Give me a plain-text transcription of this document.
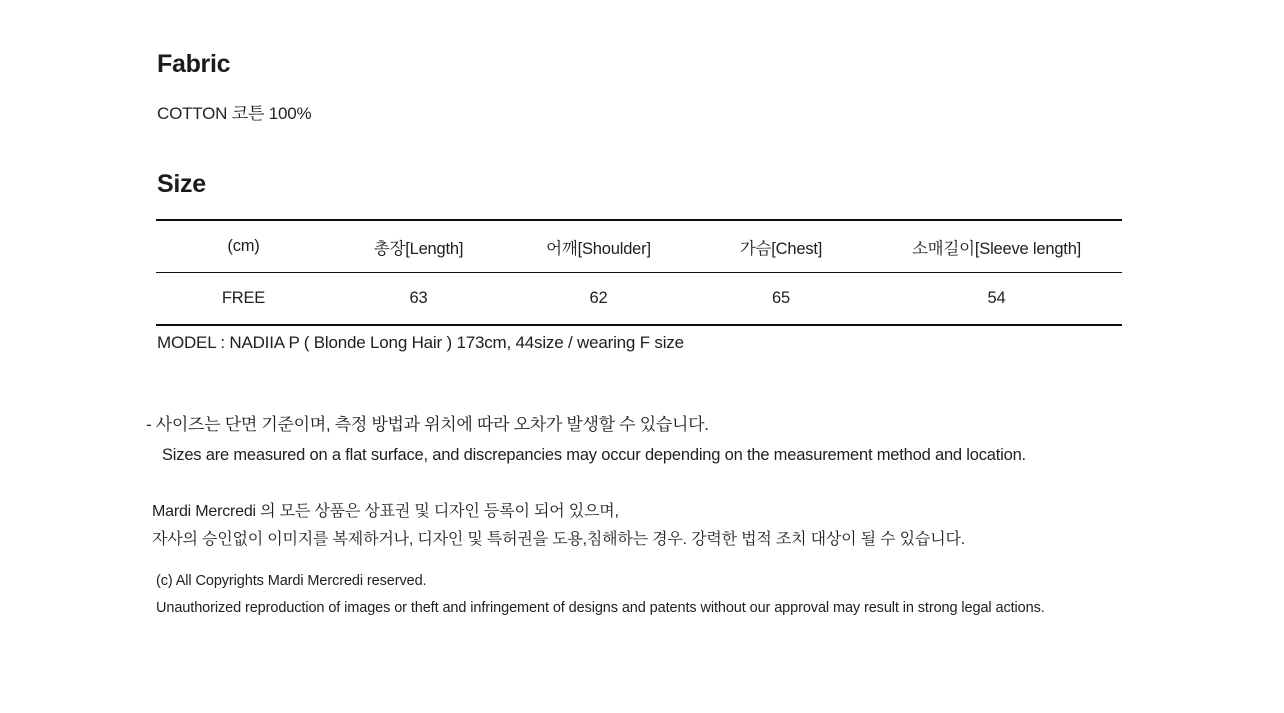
Fabric
COTTON 코튼 100%
Size
(cm)	총장[Length]	어깨[Shoulder]	가슴[Chest]	소매길이[Sleeve length]
FREE	63	62	65	54
MODEL : NADIIA P ( Blonde Long Hair ) 173cm, 44size / wearing F size
- 사이즈는 단면 기준이며, 측정 방법과 위치에 따라 오차가 발생할 수 있습니다.
Sizes are measured on a flat surface, and discrepancies may occur depending on the measurement method and location.
Mardi Mercredi 의 모든 상품은 상표권 및 디자인 등록이 되어 있으며,
자사의 승인없이 이미지를 복제하거나, 디자인 및 특허권을 도용,침해하는 경우. 강력한 법적 조치 대상이 될 수 있습니다.
(c) All Copyrights Mardi Mercredi reserved.
Unauthorized reproduction of images or theft and infringement of designs and patents without our approval may result in strong legal actions.
